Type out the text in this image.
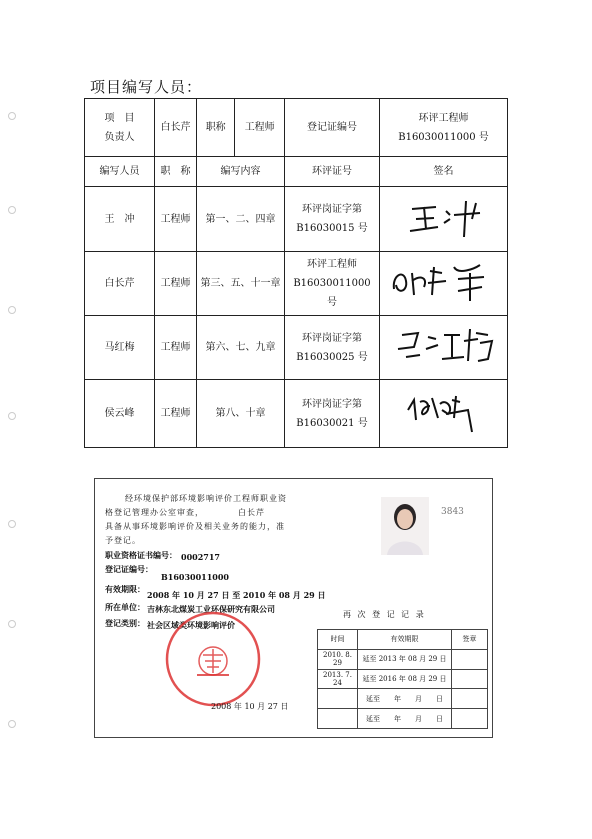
项目编写人员：
项　目
负责人	白长芹	职称 工程师	登记证编号	环评工程师 B16030011000 号
编写人员	职　称	编写内容	环评证号	签名
王　冲	工程师	第一、二、四章	环评岗证字第
B16030015 号	
白长芹	工程师	第三、五、十一章	环评工程师
B16030011000 号	
马红梅	工程师	第六、七、九章	环评岗证字第
B16030025 号	
侯云峰	工程师	第八、十章	环评岗证字第
B16030021 号	
经环境保护部环境影响评价工程师职业资
格登记管理办公室审查，	白长芹
具备从事环境影响评价及相关业务的能力，准
予登记。
职业资格证书编号： 0002717
登记证编号：
B16030011000
有效期限：
2008 年 10 月 27 日 至 2010 年 08 月 29 日
所在单位： 吉林东北煤炭工业环保研究有限公司
登记类别： 社会区域类环境影响评价
3843
再 次 登 记 记 录
时间	有效期限	签章
2010. 8. 29	延至 2013 年 08 月 29 日	
2013. 7. 24	延至 2016 年 08 月 29 日	
	延至　　年　　月　　日	
	延至　　年　　月　　日	
2008 年 10 月 27 日
